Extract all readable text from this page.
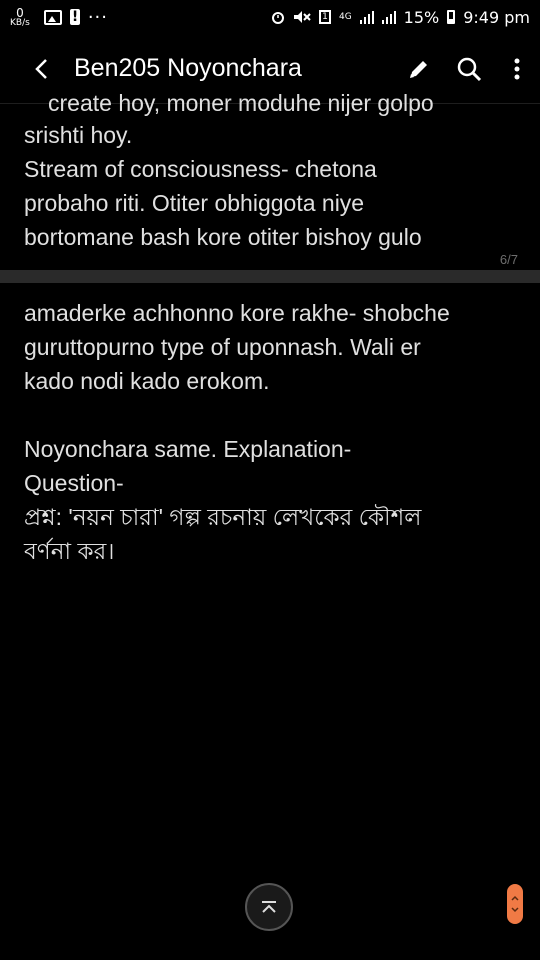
0
KB/s
!	···	1	4G	15% 9:49 pm
Ben205 Noyonchara

create hoy, moner moduhe nijer golpo

srishti hoy.

Stream of consciousness- chetona

probaho riti. Otiter obhiggota niye

bortomane bash kore otiter bishoy gulo

6/7

amaderke achhonno kore rakhe- shobche

guruttopurno type of uponnash. Wali er

kado nodi kado erokom.

Noyonchara same. Explanation-

Question-

প্রশ্ন: 'নয়ন চারা' গল্প রচনায় লেখকের কৌশল

বর্ণনা কর।
